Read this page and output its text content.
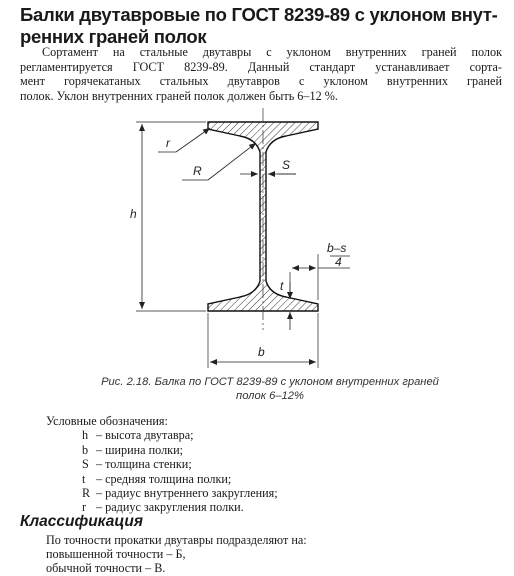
Балки двутавровые по ГОСТ 8239-89 с уклоном внут-
ренних граней полок
Сортамент на стальные двутавры с уклоном внутренних граней полок
регламентируется ГОСТ 8239-89. Данный стандарт устанавливает сорта-
мент горячекатаных стальных двутавров с уклоном внутренних граней
полок. Уклон внутренних граней полок должен быть 6–12 %.
h
b
S
r
R
b–s
4
t
Рис. 2.18. Балка по ГОСТ 8239-89 с уклоном внутренних граней
полок 6–12%
Условные обозначения:
h – высота двутавра;
b – ширина полки;
S – толщина стенки;
t – средняя толщина полки;
R – радиус внутреннего закругления;
r – радиус закругления полки.
Классификация
По точности прокатки двутавры подразделяют на:
повышенной точности – Б,
обычной точности – В.
